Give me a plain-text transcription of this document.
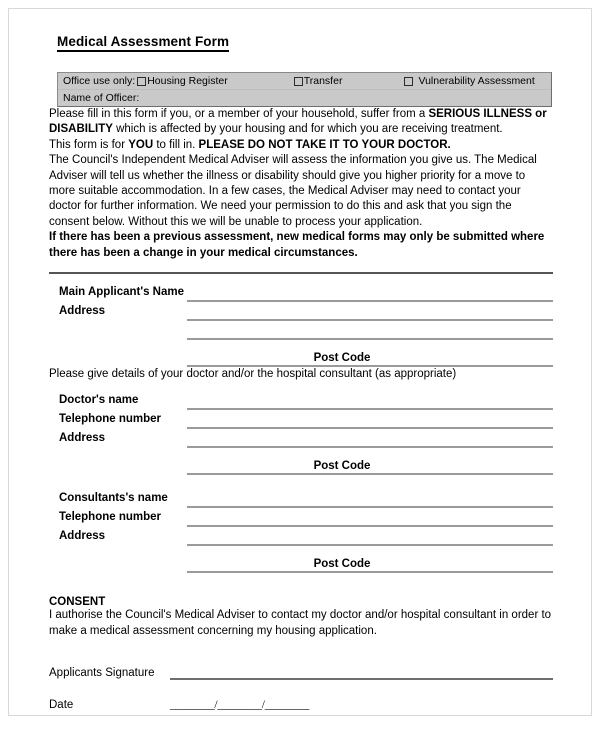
Medical Assessment Form
Office use only: Housing Register	Transfer	Vulnerability Assessment
Name of Officer:

Please fill in this form if you, or a member of your household, suffer from a SERIOUS ILLNESS or DISABILITY which is affected by your housing and for which you are receiving treatment.

This form is for YOU to fill in. PLEASE DO NOT TAKE IT TO YOUR DOCTOR.

The Council's Independent Medical Adviser will assess the information you give us. The Medical Adviser will tell us whether the illness or disability should give you higher priority for a move to more suitable accommodation. In a few cases, the Medical Adviser may need to contact your doctor for further information. We need your permission to do this and ask that you sign the consent below. Without this we will be unable to process your application.

If there has been a previous assessment, new medical forms may only be submitted where there has been a change in your medical circumstances.

Main Applicant's Name
Address
Post Code

Please give details of your doctor and/or the hospital consultant (as appropriate)

Doctor's name
Telephone number
Address
Post Code
Consultants's name
Telephone number
Address
Post Code
CONSENT

I authorise the Council's Medical Adviser to contact my doctor and/or hospital consultant in order to make a medical assessment concerning my housing application.

Applicants Signature
Date	________/________/________
